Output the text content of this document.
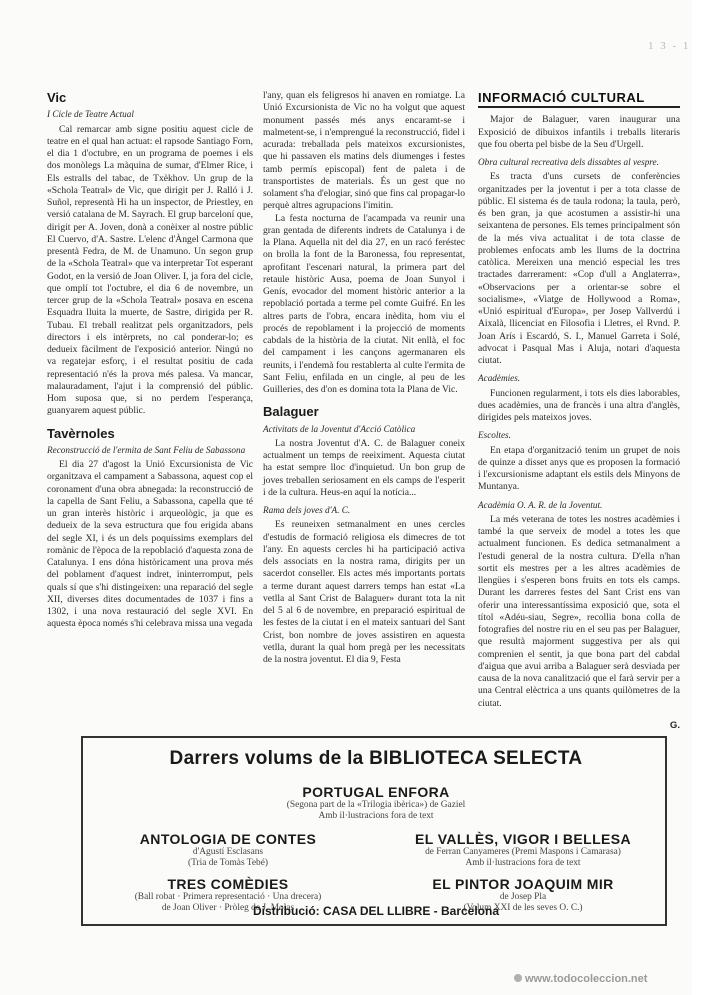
1 3 - 1
Vic

I Cicle de Teatre Actual

Cal remarcar amb signe positiu aquest cicle de teatre en el qual han actuat: el rapsode Santiago Forn, el dia 1 d'octubre, en un programa de poemes i els dos monòlegs La màquina de sumar, d'Elmer Rice, i Els estralls del tabac, de Txèkhov. Un grup de la «Schola Teatral» de Vic, que dirigit per J. Ralló i J. Suñol, representà Hi ha un inspector, de Priestley, en versió catalana de M. Sayrach. El grup barceloní que, dirigit per A. Joven, donà a conèixer al nostre públic El Cuervo, d'A. Sastre. L'elenc d'Àngel Carmona que presentà Fedra, de M. de Unamuno. Un segon grup de la «Schola Teatral» que va interpretar Tot esperant Godot, en la versió de Joan Oliver. I, ja fora del cicle, que omplí tot l'octubre, el dia 6 de novembre, un tercer grup de la «Schola Teatral» posava en escena Esquadra lluita la muerte, de Sastre, dirigida per R. Tubau. El treball realitzat pels organitzadors, pels directors i els intèrprets, no cal ponderar-lo; es dedueix fàcilment de l'exposició anterior. Ningú no va regatejar esforç, i el resultat positiu de cada representació n'és la prova més palesa. Va mancar, malauradament, l'ajut i la comprensió del públic. Hom suposa que, si no perdem l'esperança, guanyarem aquest públic.

Tavèrnoles

Reconstrucció de l'ermita de Sant Feliu de Sabassona

El dia 27 d'agost la Unió Excursionista de Vic organitzava el campament a Sabassona, aquest cop el coronament d'una obra abnegada: la reconstrucció de la capella de Sant Feliu, a Sabassona, capella que té un gran interès històric i arqueològic, ja que es dedueix de la seva estructura que fou erigida abans del segle XI, i és un dels poquíssims exemplars del romànic de l'època de la repoblació d'aquesta zona de Catalunya. I ens dóna històricament una prova més del poblament d'aquest indret, ininterromput, pels quals sí que s'hi distingeixen: una reparació del segle XII, diverses dites documentades de 1037 i fins a 1302, i una nova restauració del segle XVI. En aquesta època només s'hi celebrava missa una vegada

l'any, quan els feligresos hi anaven en romiatge. La Unió Excursionista de Vic no ha volgut que aquest monument passés més anys encaramt-se i malmetent-se, i n'emprengué la reconstrucció, fidel i acurada: treballada pels mateixos excursionistes, que hi passaven els matins dels diumenges i festes tamb permís episcopal) fent de paleta i de transportistes de materials. És un gest que no solament s'ha d'elogiar, sinó que fins cal propagar-lo perquè altres agrupacions l'imitin.

La festa nocturna de l'acampada va reunir una gran gentada de diferents indrets de Catalunya i de la Plana. Aquella nit del dia 27, en un racó feréstec on brolla la font de la Baronessa, fou representat, aprofitant l'escenari natural, la primera part del retaule històric Ausa, poema de Joan Sunyol i Genís, evocador del moment històric anterior a la repoblació portada a terme pel comte Guifré. En les altres parts de l'obra, encara inèdita, hom viu el procés de repoblament i la projecció de moments cabdals de la història de la ciutat. Nit enllà, el foc del campament i les cançons agermanaren els reunits, i l'endemà fou restablerta al culte l'ermita de Sant Feliu, enfilada en un cingle, al peu de les Guilleries, des d'on es domina tota la Plana de Vic.

Balaguer

Activitats de la Joventut d'Acció Catòlica

La nostra Joventut d'A. C. de Balaguer coneix actualment un temps de reeiximent. Aquesta ciutat ha estat sempre lloc d'inquietud. Un bon grup de joves treballen seriosament en els camps de l'esperit i de la cultura. Heus-en aquí la notícia...

Rama dels joves d'A. C.

Es reuneixen setmanalment en unes cercles d'estudis de formació religiosa els dimecres de tot l'any. En aquests cercles hi ha participació activa dels associats en la nostra rama, dirigits per un sacerdot conseller. Els actes més importants portats a terme durant aquest darrers temps han estat «La vetlla al Sant Crist de Balaguer» durant tota la nit del 5 al 6 de novembre, en preparació espiritual de les festes de la ciutat i en el mateix santuari del Sant Crist, bon nombre de joves assistiren en aquesta vetlla, durant la qual hom pregà per les necessitats de la nostra joventut. El dia 9, Festa

INFORMACIÓ CULTURAL

Major de Balaguer, varen inaugurar una Exposició de dibuixos infantils i treballs literaris que fou oberta pel bisbe de la Seu d'Urgell.

Obra cultural recreativa dels dissabtes al vespre.

Es tracta d'uns cursets de conferències organitzades per la joventut i per a tota classe de públic. El sistema és de taula rodona; la taula, però, és ben gran, ja que acostumen a assistir-hi una seixantena de persones. Els temes principalment són de la més viva actualitat i de tota classe de problemes enfocats amb les llums de la doctrina catòlica. Mereixen una menció especial les tres tractades darrerament: «Cop d'ull a Anglaterra», «Observacions per a orientar-se sobre el socialisme», «Viatge de Hollywood a Roma», «Unió espiritual d'Europa», per Josep Vallverdú i Aixalà, llicenciat en Filosofia i Lletres, el Rvnd. P. Joan Arís i Escardó, S. I., Manuel Garreta i Solé, advocat i Pasqual Mas i Aluja, notari d'aquesta ciutat.

Acadèmies.

Funcionen regularment, i tots els dies laborables, dues acadèmies, una de francès i una altra d'anglès, dirigides pels mateixos joves.

Escoltes.

En etapa d'organització tenim un grupet de nois de quinze a disset anys que es proposen la formació i l'excursionisme adaptant els estils dels Minyons de Muntanya.

Acadèmia O. A. R. de la Joventut.

La més veterana de totes les nostres acadèmies i també la que serveix de model a totes les que actualment funcionen. Es dedica setmanalment a l'estudi general de la nostra cultura. D'ella n'han sortit els mestres per a les altres acadèmies de llengües i s'esperen bons fruits en tots els camps. Durant les darreres festes del Sant Crist ens van oferir una interessantíssima exposició que, sota el títol «Adéu-siau, Segre», recollia bona colla de fotografies del nostre riu en el seu pas per Balaguer, que resultà majorment suggestiva per als qui comprenien el sentit, ja que bona part del cabdal d'aigua que avui arriba a Balaguer serà desviada per causa de la nova canalització que el farà servir per a una Central elèctrica a uns quants quilòmetres de la ciutat.

G.
Darrers volums de la BIBLIOTECA SELECTA
PORTUGAL ENFORA
(Segona part de la «Trilogia ibèrica») de Gaziel
Amb il·lustracions fora de text
ANTOLOGIA DE CONTES
d'Agustí Esclasans
(Tria de Tomàs Tebé)
EL VALLÈS, VIGOR I BELLESA
de Ferran Canyameres (Premi Maspons i Camarasa)
Amb il·lustracions fora de text
TRES COMÈDIES
(Ball robat · Primera representació · Una drecera)
de Joan Oliver · Pròleg de J. Molas
EL PINTOR JOAQUIM MIR
de Josep Pla
(Volum XXI de les seves O. C.)
Distribució: CASA DEL LLIBRE - Barcelona
www.todocoleccion.net
